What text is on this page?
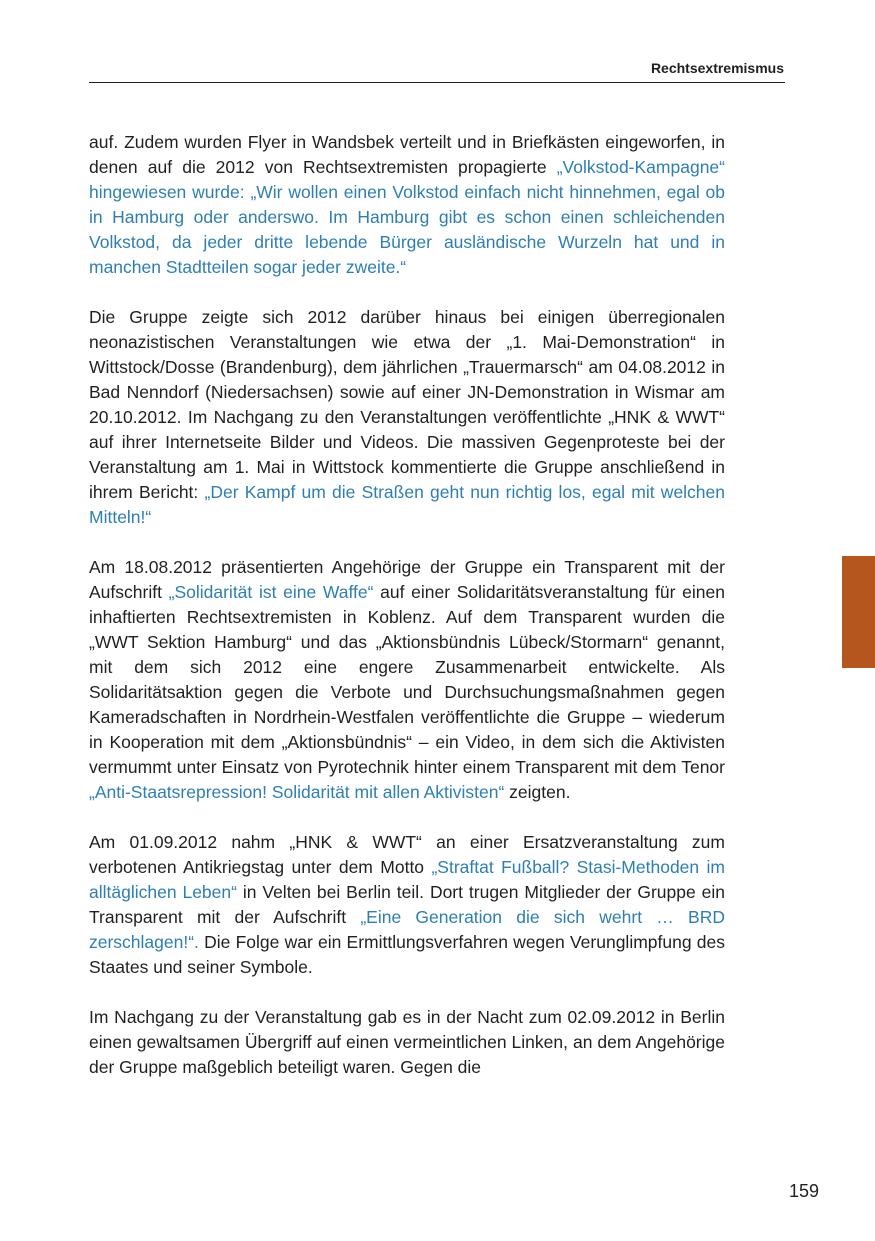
Rechtsextremismus

auf. Zudem wurden Flyer in Wandsbek verteilt und in Briefkästen eingeworfen, in denen auf die 2012 von Rechtsextremisten propagierte „Volkstod-Kampagne“ hingewiesen wurde: „Wir wollen einen Volkstod einfach nicht hinnehmen, egal ob in Hamburg oder anderswo. Im Hamburg gibt es schon einen schleichenden Volkstod, da jeder dritte lebende Bürger ausländische Wurzeln hat und in manchen Stadtteilen sogar jeder zweite.“

Die Gruppe zeigte sich 2012 darüber hinaus bei einigen überregionalen neonazistischen Veranstaltungen wie etwa der „1. Mai-Demonstration“ in Wittstock/Dosse (Brandenburg), dem jährlichen „Trauermarsch“ am 04.08.2012 in Bad Nenndorf (Niedersachsen) sowie auf einer JN-Demonstration in Wismar am 20.10.2012. Im Nachgang zu den Veranstaltungen veröffentlichte „HNK & WWT“ auf ihrer Internetseite Bilder und Videos. Die massiven Gegenproteste bei der Veranstaltung am 1. Mai in Wittstock kommentierte die Gruppe anschließend in ihrem Bericht: „Der Kampf um die Straßen geht nun richtig los, egal mit welchen Mitteln!“

Am 18.08.2012 präsentierten Angehörige der Gruppe ein Transparent mit der Aufschrift „Solidarität ist eine Waffe“ auf einer Solidaritätsveranstaltung für einen inhaftierten Rechtsextremisten in Koblenz. Auf dem Transparent wurden die „WWT Sektion Hamburg“ und das „Aktionsbündnis Lübeck/​Stormarn“ genannt, mit dem sich 2012 eine engere Zusammenarbeit entwickelte. Als Solidaritätsaktion gegen die Verbote und Durchsuchungsmaßnahmen gegen Kameradschaften in Nordrhein-Westfalen veröffentlichte die Gruppe – wiederum in Kooperation mit dem „Aktionsbündnis“ – ein Video, in dem sich die Aktivisten vermummt unter Einsatz von Pyrotechnik hinter einem Transparent mit dem Tenor „Anti-Staatsrepression! Solidarität mit allen Aktivisten“ zeigten.

Am 01.09.2012 nahm „HNK & WWT“ an einer Ersatzveranstaltung zum verbotenen Antikriegstag unter dem Motto „Straftat Fußball? Stasi-Methoden im alltäglichen Leben“ in Velten bei Berlin teil. Dort trugen Mitglieder der Gruppe ein Transparent mit der Aufschrift „Eine Generation die sich wehrt … BRD zerschlagen!“. Die Folge war ein Ermittlungsverfahren wegen Verunglimpfung des Staates und seiner Symbole.

Im Nachgang zu der Veranstaltung gab es in der Nacht zum 02.09.2012 in Berlin einen gewaltsamen Übergriff auf einen vermeintlichen Linken, an dem Angehörige der Gruppe maßgeblich beteiligt waren. Gegen die

159
